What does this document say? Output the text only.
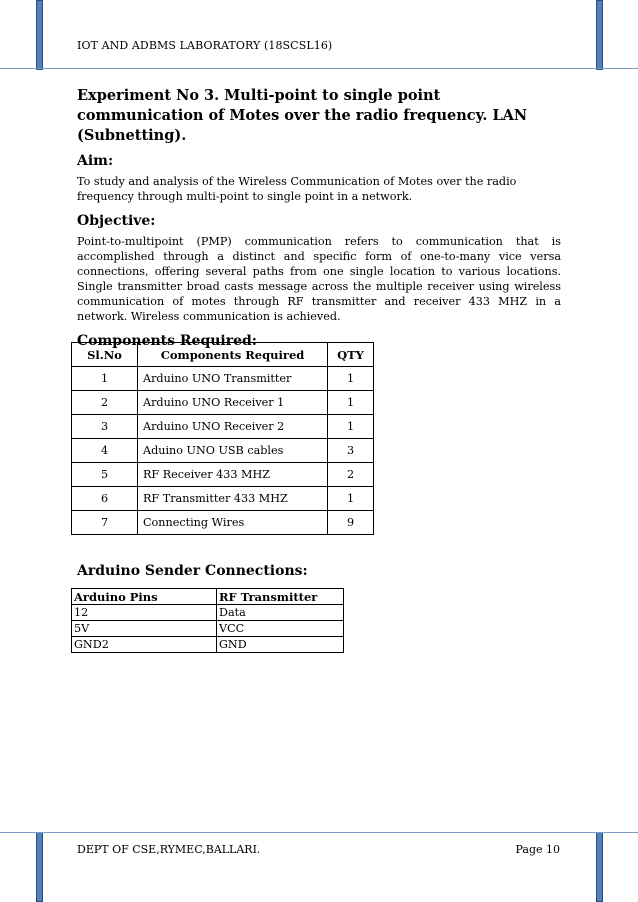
IOT AND ADBMS LABORATORY (18SCSL16)
Experiment No 3. Multi-point to single point communication of Motes over the radio frequency. LAN (Subnetting).
Aim:

To study and analysis of the Wireless Communication of Motes over the radio frequency through multi-point to single point in a network.

Objective:

Point-to-multipoint (PMP) communication refers to communication that is accomplished through a distinct and specific form of one-to-many vice versa connections, offering several paths from one single location to various locations. Single transmitter broad casts message across the multiple receiver using wireless communication of motes through RF transmitter and receiver 433 MHZ in a network. Wireless communication is achieved.

Components Required:
Sl.No	Components Required	QTY
1	Arduino UNO Transmitter	1
2	Arduino UNO Receiver 1	1
3	Arduino UNO Receiver 2	1
4	Aduino UNO USB cables	3
5	RF Receiver 433 MHZ	2
6	RF Transmitter 433 MHZ	1
7	Connecting Wires	9
Arduino Sender Connections:
Arduino Pins	RF Transmitter
12	Data
5V	VCC
GND2	GND
DEPT OF CSE,RYMEC,BALLARI.	Page 10
